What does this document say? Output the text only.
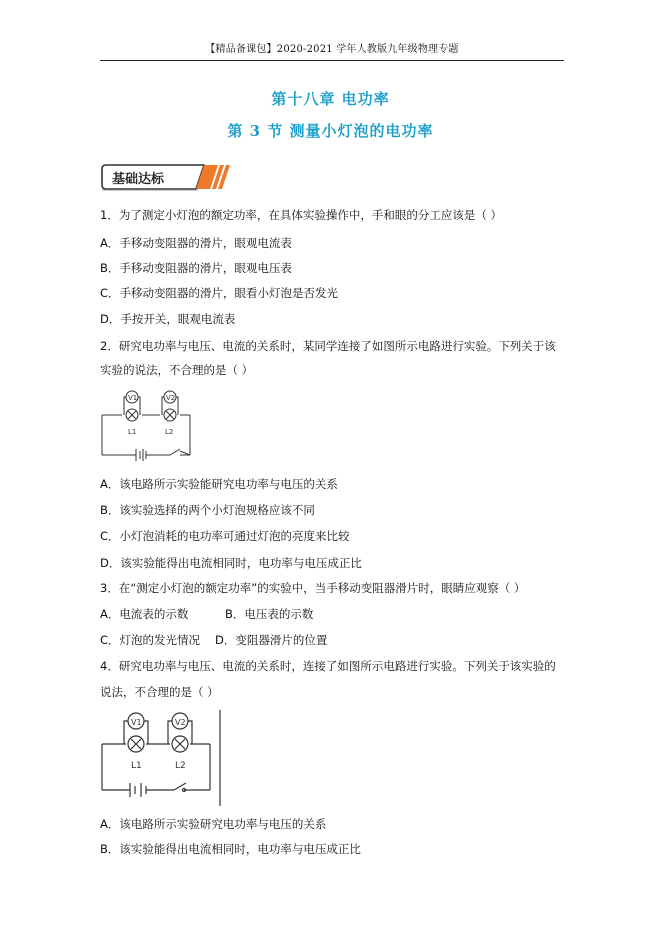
【精品备课包】2020-2021 学年人教版九年级物理专题
第十八章 电功率
第 3 节 测量小灯泡的电功率
基础达标
1．为了测定小灯泡的额定功率，在具体实验操作中，手和眼的分工应该是（ ）
A．手移动变阻器的滑片，眼观电流表
B．手移动变阻器的滑片，眼观电压表
C．手移动变阻器的滑片，眼看小灯泡是否发光
D．手按开关，眼观电流表
2．研究电功率与电压、电流的关系时，某同学连接了如图所示电路进行实验。下列关于该
实验的说法，不合理的是（ ）
V1	V2
L1	L2
A．该电路所示实验能研究电功率与电压的关系
B．该实验选择的两个小灯泡规格应该不同
C．小灯泡消耗的电功率可通过灯泡的亮度来比较
D．该实验能得出电流相同时，电功率与电压成正比
3．在“测定小灯泡的额定功率”的实验中，当手移动变阻器滑片时，眼睛应观察（ ）
A．电流表的示数	B．电压表的示数
C．灯泡的发光情况 D．变阻器滑片的位置
4．研究电功率与电压、电流的关系时，连接了如图所示电路进行实验。下列关于该实验的
说法，不合理的是（ ）
V1	V2
L1	L2
A．该电路所示实验研究电功率与电压的关系
B．该实验能得出电流相同时，电功率与电压成正比
